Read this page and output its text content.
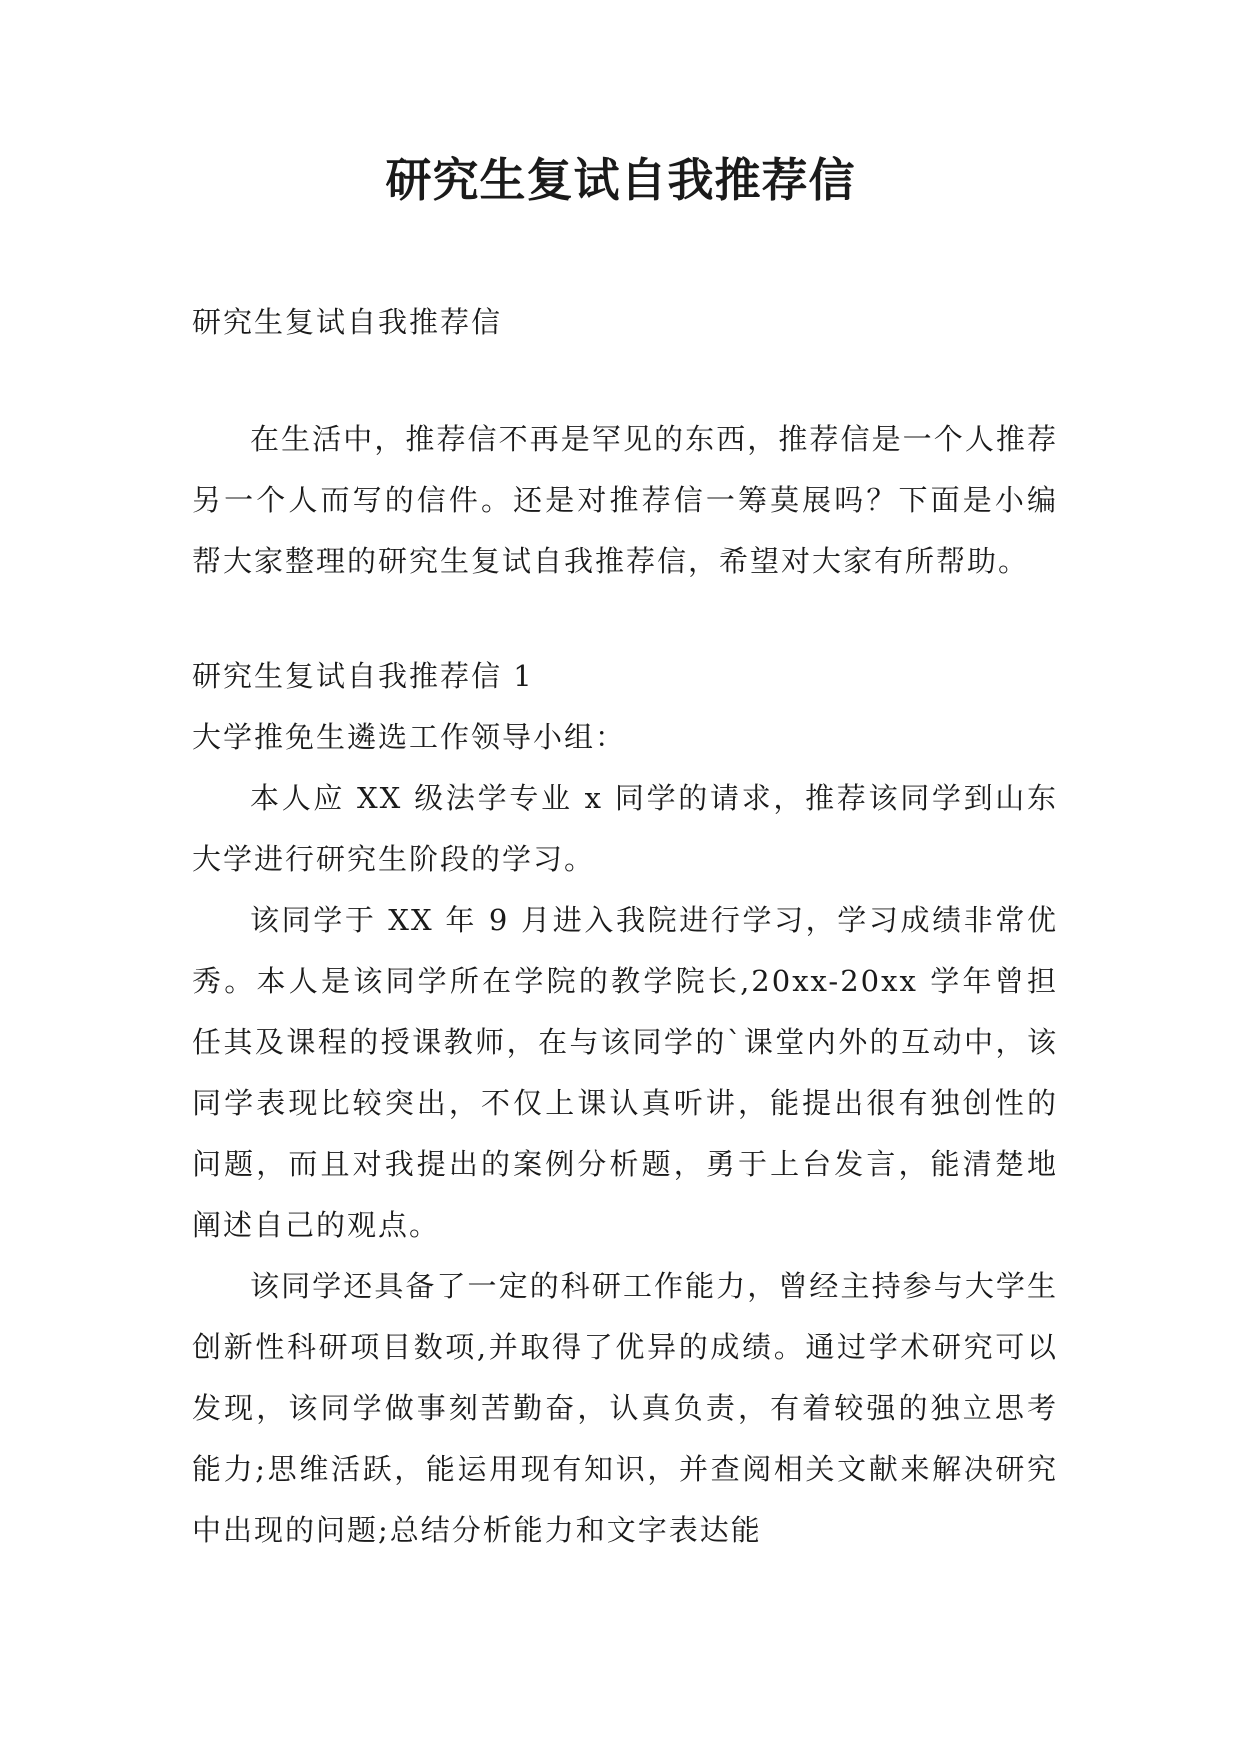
研究生复试自我推荐信

研究生复试自我推荐信

在生活中，推荐信不再是罕见的东西，推荐信是一个人推荐另一个人而写的信件。还是对推荐信一筹莫展吗？下面是小编帮大家整理的研究生复试自我推荐信，希望对大家有所帮助。

研究生复试自我推荐信 1

大学推免生遴选工作领导小组：

本人应 XX 级法学专业 x 同学的请求，推荐该同学到山东大学进行研究生阶段的学习。

该同学于 XX 年 9 月进入我院进行学习，学习成绩非常优秀。本人是该同学所在学院的教学院长,20xx-20xx 学年曾担任其及课程的授课教师，在与该同学的`课堂内外的互动中，该同学表现比较突出，不仅上课认真听讲，能提出很有独创性的问题，而且对我提出的案例分析题，勇于上台发言，能清楚地阐述自己的观点。

该同学还具备了一定的科研工作能力，曾经主持参与大学生创新性科研项目数项,并取得了优异的成绩。通过学术研究可以发现，该同学做事刻苦勤奋，认真负责，有着较强的独立思考能力;思维活跃，能运用现有知识，并查阅相关文献来解决研究中出现的问题;总结分析能力和文字表达能
